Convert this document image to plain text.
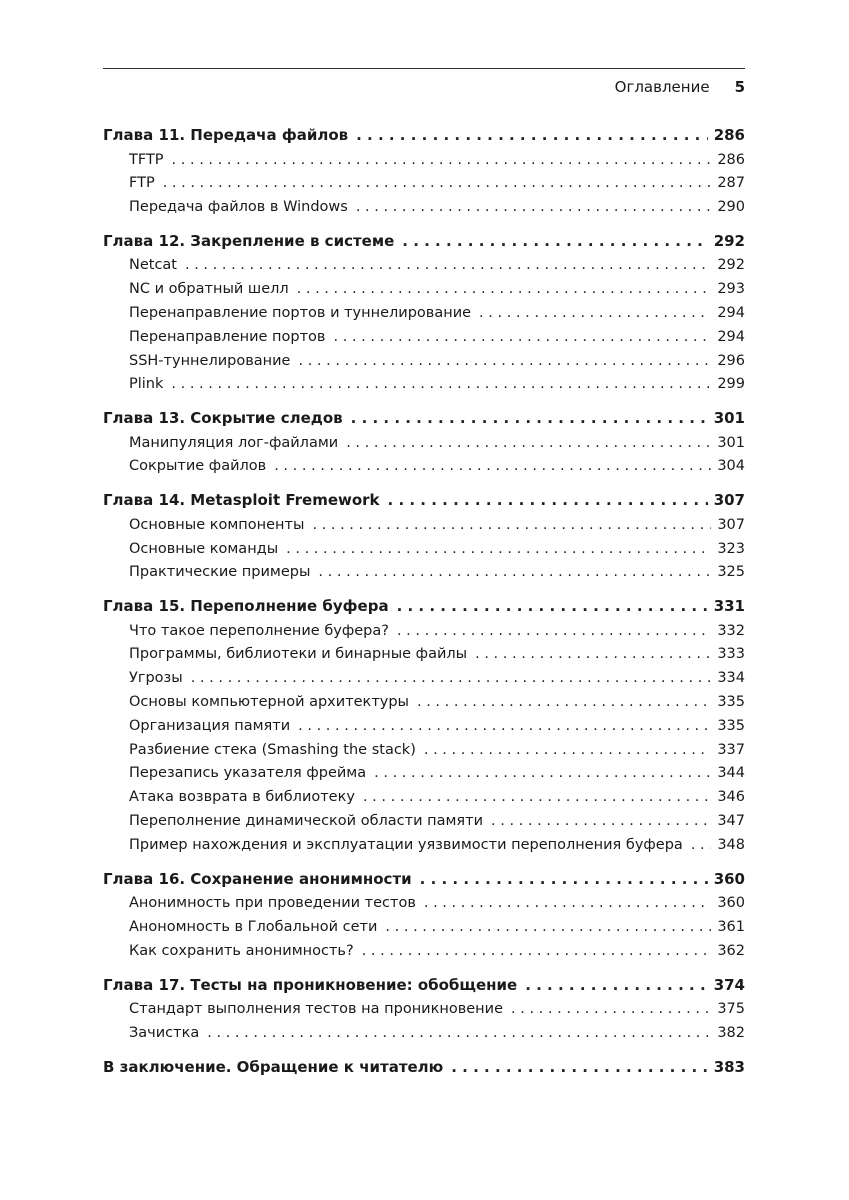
Оглавление 5
Глава 11. Передача файлов . . .	286
TFTP . . .	286
FTP . . .	287
Передача файлов в Windows . . .	290
Глава 12. Закрепление в системе . . .	292
Netcat . . .	292
NC и обратный шелл . . .	293
Перенаправление портов и туннелирование . . .	294
Перенаправление портов . . .	294
SSH-туннелирование . . .	296
Plink . . .	299
Глава 13. Сокрытие следов . . .	301
Манипуляция лог-файлами . . .	301
Сокрытие файлов . . .	304
Глава 14. Metasploit Fremework . . .	307
Основные компоненты . . .	307
Основные команды . . .	323
Практические примеры . . .	325
Глава 15. Переполнение буфера . . .	331
Что такое переполнение буфера? . . .	332
Программы, библиотеки и бинарные файлы . . .	333
Угрозы . . .	334
Основы компьютерной архитектуры . . .	335
Организация памяти . . .	335
Разбиение стека (Smashing the stack) . . .	337
Перезапись указателя фрейма . . .	344
Атака возврата в библиотеку . . .	346
Переполнение динамической области памяти . . .	347
Пример нахождения и эксплуатации уязвимости переполнения буфера . . . 348
Глава 16. Сохранение анонимности . . .	360
Анонимность при проведении тестов . . .	360
Анономность в Глобальной сети . . .	361
Как сохранить анонимность? . . .	362
Глава 17. Тесты на проникновение: обобщение . . .	374
Стандарт выполнения тестов на проникновение . . .	375
Зачистка . . .	382
В заключение. Обращение к читателю . . .	383
